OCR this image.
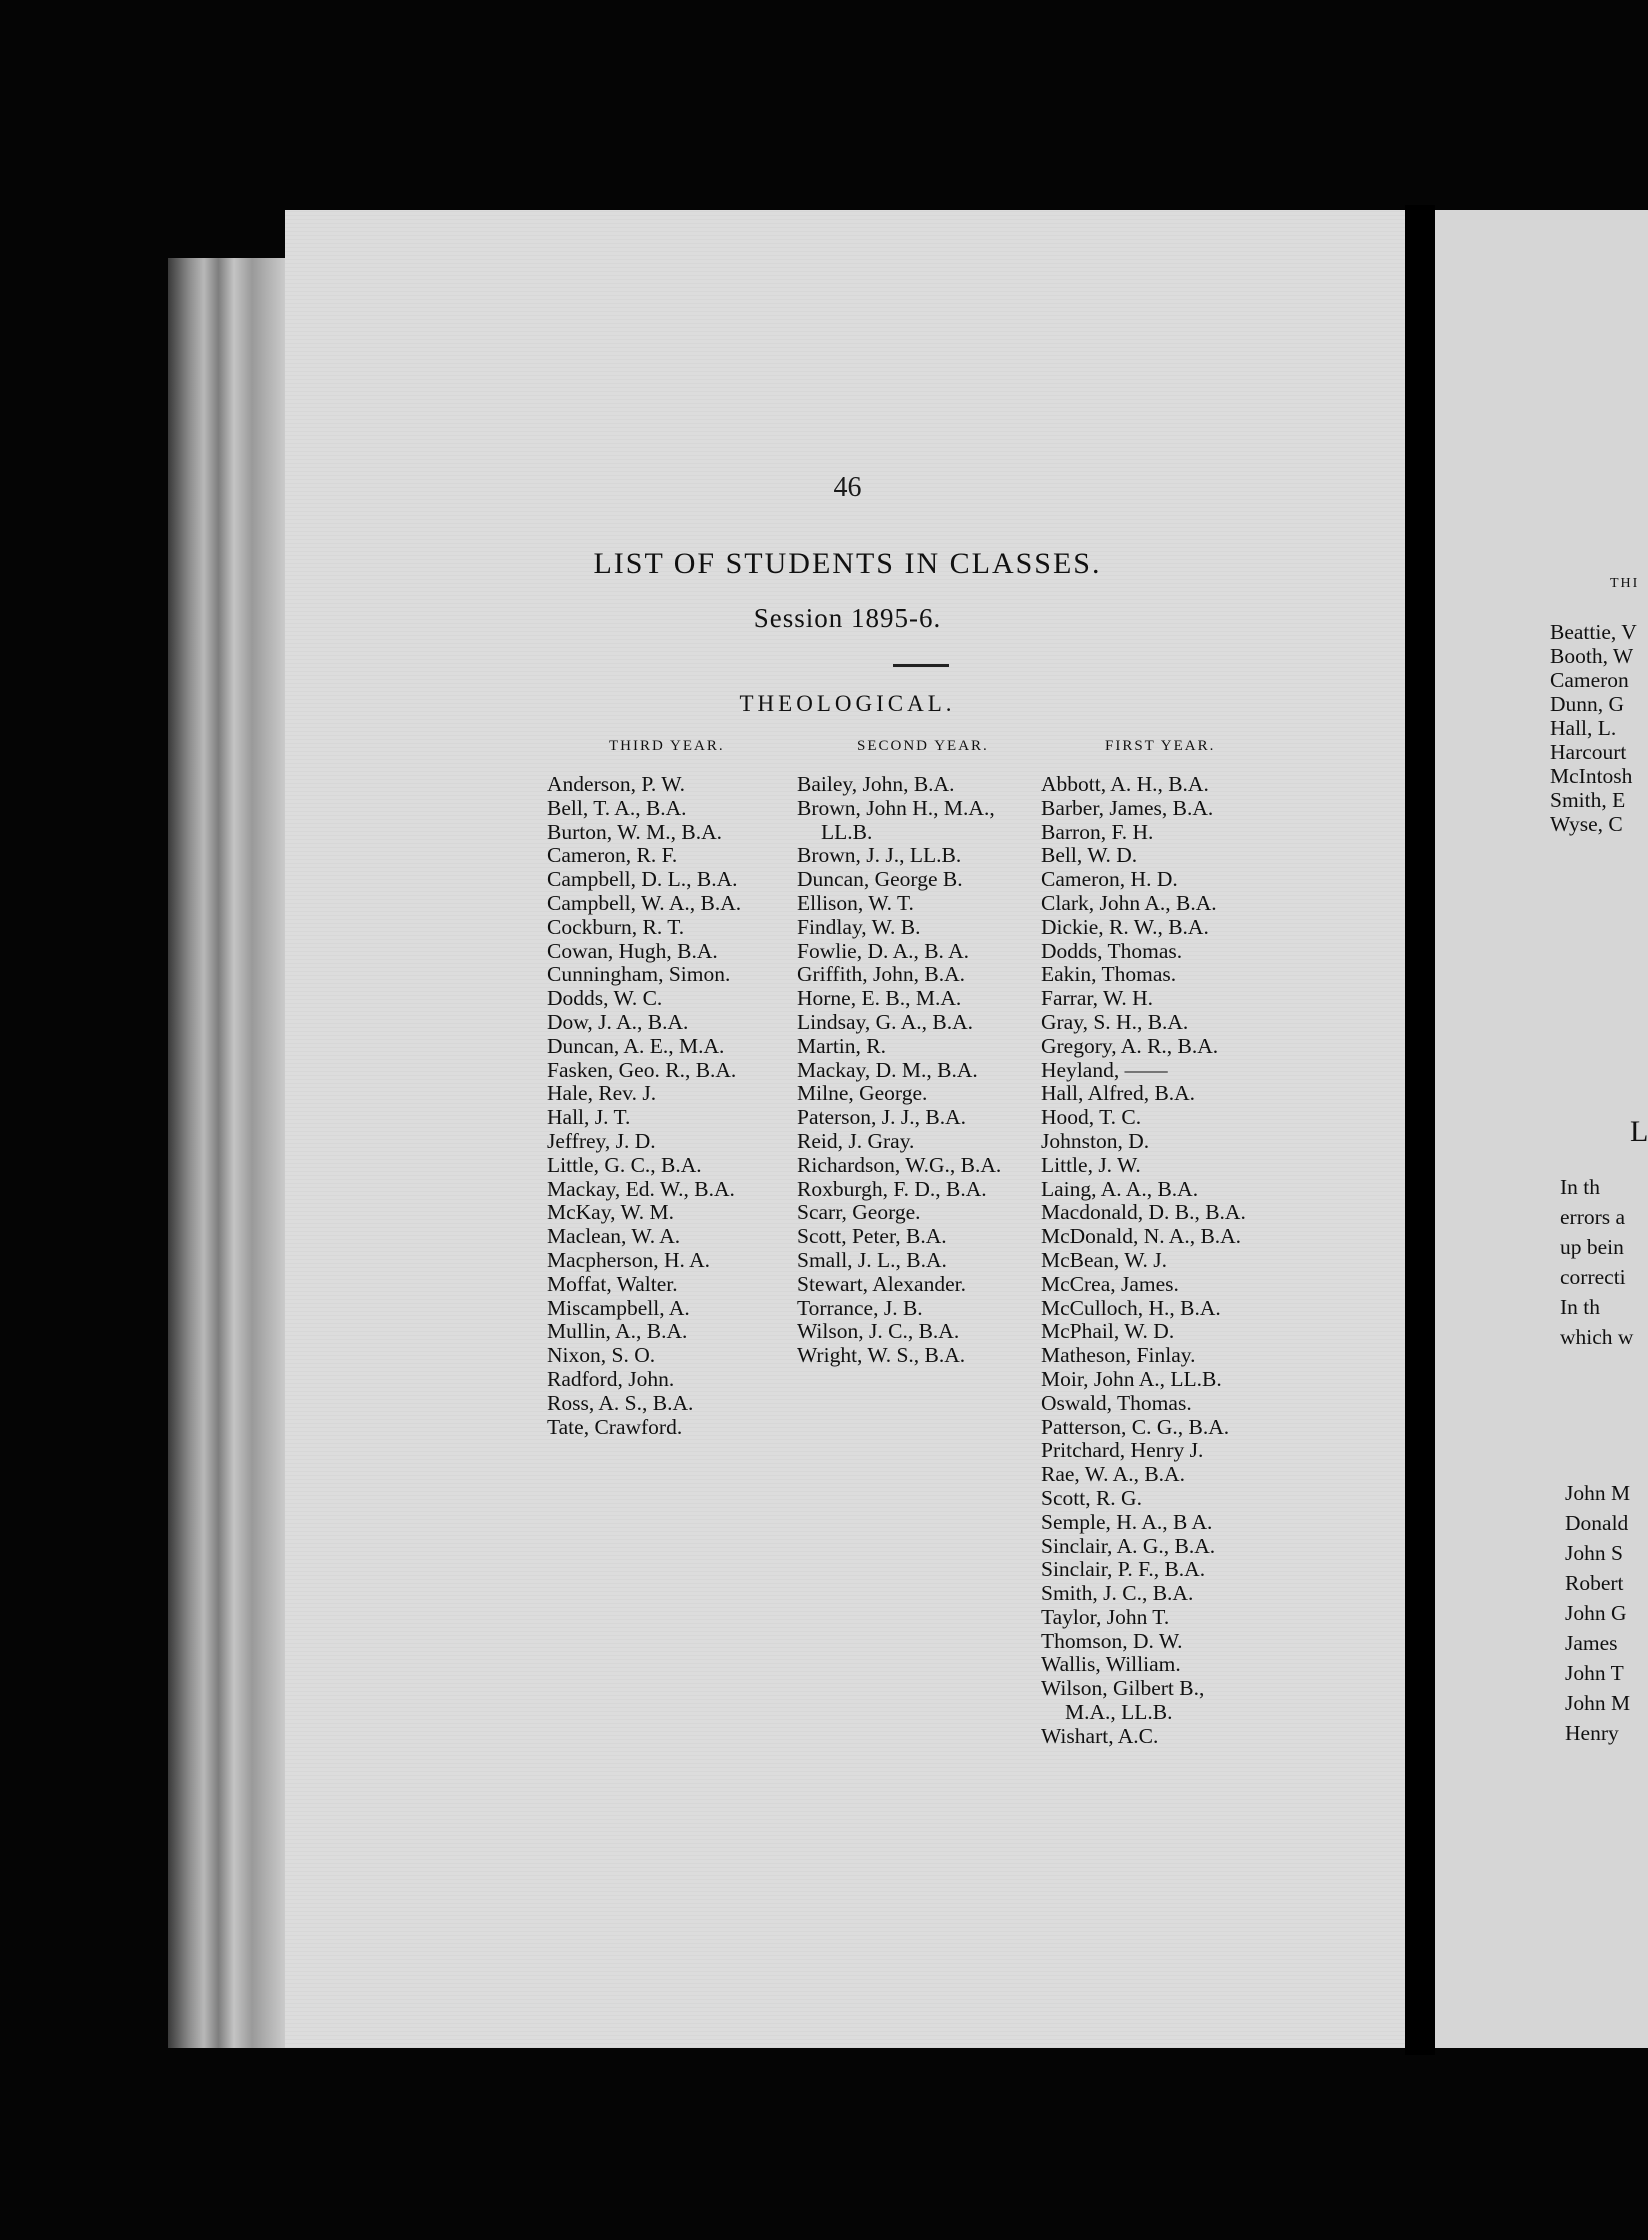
46
LIST OF STUDENTS IN CLASSES.
Session 1895-6.
THEOLOGICAL.
THIRD YEAR.
Anderson, P. W.
Bell, T. A., B.A.
Burton, W. M., B.A.
Cameron, R. F.
Campbell, D. L., B.A.
Campbell, W. A., B.A.
Cockburn, R. T.
Cowan, Hugh, B.A.
Cunningham, Simon.
Dodds, W. C.
Dow, J. A., B.A.
Duncan, A. E., M.A.
Fasken, Geo. R., B.A.
Hale, Rev. J.
Hall, J. T.
Jeffrey, J. D.
Little, G. C., B.A.
Mackay, Ed. W., B.A.
McKay, W. M.
Maclean, W. A.
Macpherson, H. A.
Moffat, Walter.
Miscampbell, A.
Mullin, A., B.A.
Nixon, S. O.
Radford, John.
Ross, A. S., B.A.
Tate, Crawford.
SECOND YEAR.
Bailey, John, B.A.
Brown, John H., M.A.,
LL.B.
Brown, J. J., LL.B.
Duncan, George B.
Ellison, W. T.
Findlay, W. B.
Fowlie, D. A., B. A.
Griffith, John, B.A.
Horne, E. B., M.A.
Lindsay, G. A., B.A.
Martin, R.
Mackay, D. M., B.A.
Milne, George.
Paterson, J. J., B.A.
Reid, J. Gray.
Richardson, W.G., B.A.
Roxburgh, F. D., B.A.
Scarr, George.
Scott, Peter, B.A.
Small, J. L., B.A.
Stewart, Alexander.
Torrance, J. B.
Wilson, J. C., B.A.
Wright, W. S., B.A.
FIRST YEAR.
Abbott, A. H., B.A.
Barber, James, B.A.
Barron, F. H.
Bell, W. D.
Cameron, H. D.
Clark, John A., B.A.
Dickie, R. W., B.A.
Dodds, Thomas.
Eakin, Thomas.
Farrar, W. H.
Gray, S. H., B.A.
Gregory, A. R., B.A.
Heyland, ——
Hall, Alfred, B.A.
Hood, T. C.
Johnston, D.
Little, J. W.
Laing, A. A., B.A.
Macdonald, D. B., B.A.
McDonald, N. A., B.A.
McBean, W. J.
McCrea, James.
McCulloch, H., B.A.
McPhail, W. D.
Matheson, Finlay.
Moir, John A., LL.B.
Oswald, Thomas.
Patterson, C. G., B.A.
Pritchard, Henry J.
Rae, W. A., B.A.
Scott, R. G.
Semple, H. A., B A.
Sinclair, A. G., B.A.
Sinclair, P. F., B.A.
Smith, J. C., B.A.
Taylor, John T.
Thomson, D. W.
Wallis, William.
Wilson, Gilbert B.,
M.A., LL.B.
Wishart, A.C.
THI
Beattie, V
Booth, W
Cameron
Dunn, G
Hall, L.
Harcourt
McIntosh
Smith, E
Wyse, C
L
In th
errors a
up bein
correcti
In th
which w
John M
Donald
John S
Robert
John G
James
John T
John M
Henry
